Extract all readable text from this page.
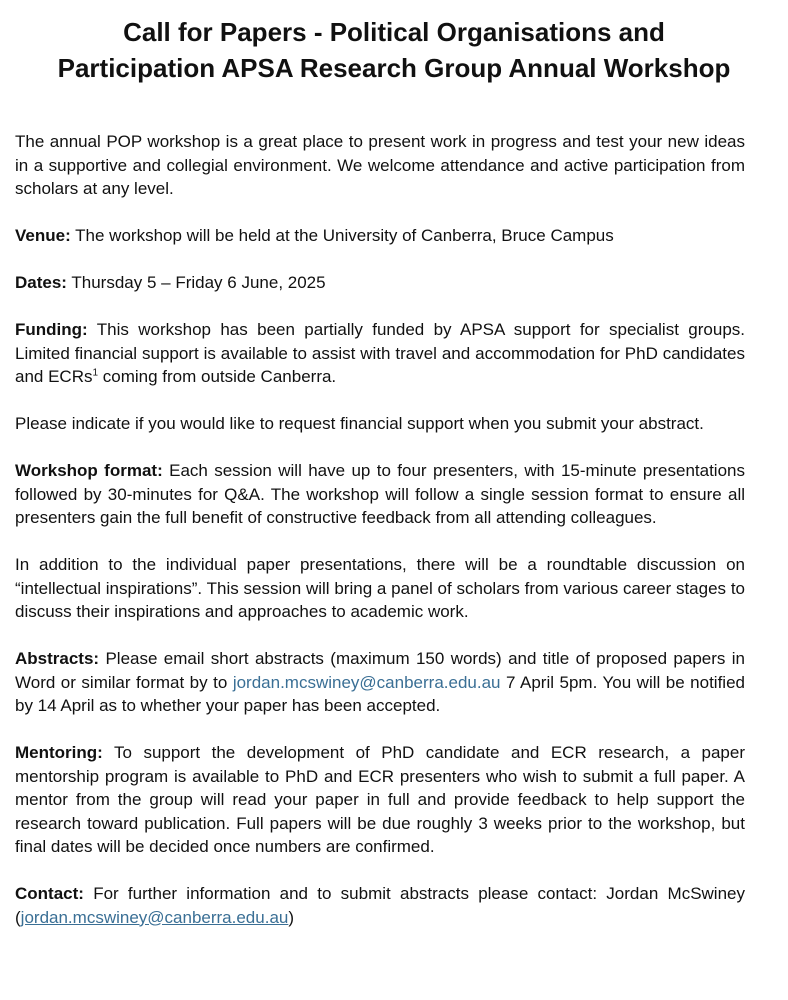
Call for Papers - Political Organisations and
Participation APSA Research Group Annual Workshop

The annual POP workshop is a great place to present work in progress and test your new ideas in a supportive and collegial environment. We welcome attendance and active participation from scholars at any level.

Venue: The workshop will be held at the University of Canberra, Bruce Campus

Dates: Thursday 5 – Friday 6 June, 2025

Funding: This workshop has been partially funded by APSA support for specialist groups. Limited financial support is available to assist with travel and accommodation for PhD candidates and ECRs$^1$ coming from outside Canberra.

Please indicate if you would like to request financial support when you submit your abstract.

Workshop format: Each session will have up to four presenters, with 15-minute presentations followed by 30-minutes for Q&A. The workshop will follow a single session format to ensure all presenters gain the full benefit of constructive feedback from all attending colleagues.

In addition to the individual paper presentations, there will be a roundtable discussion on “intellectual inspirations”. This session will bring a panel of scholars from various career stages to discuss their inspirations and approaches to academic work.

Abstracts: Please email short abstracts (maximum 150 words) and title of proposed papers in Word or similar format by to jordan.mcswiney@canberra.edu.au 7 April 5pm. You will be notified by 14 April as to whether your paper has been accepted.

Mentoring: To support the development of PhD candidate and ECR research, a paper mentorship program is available to PhD and ECR presenters who wish to submit a full paper. A mentor from the group will read your paper in full and provide feedback to help support the research toward publication. Full papers will be due roughly 3 weeks prior to the workshop, but final dates will be decided once numbers are confirmed.

Contact: For further information and to submit abstracts please contact: Jordan McSwiney (jordan.mcswiney@canberra.edu.au)
